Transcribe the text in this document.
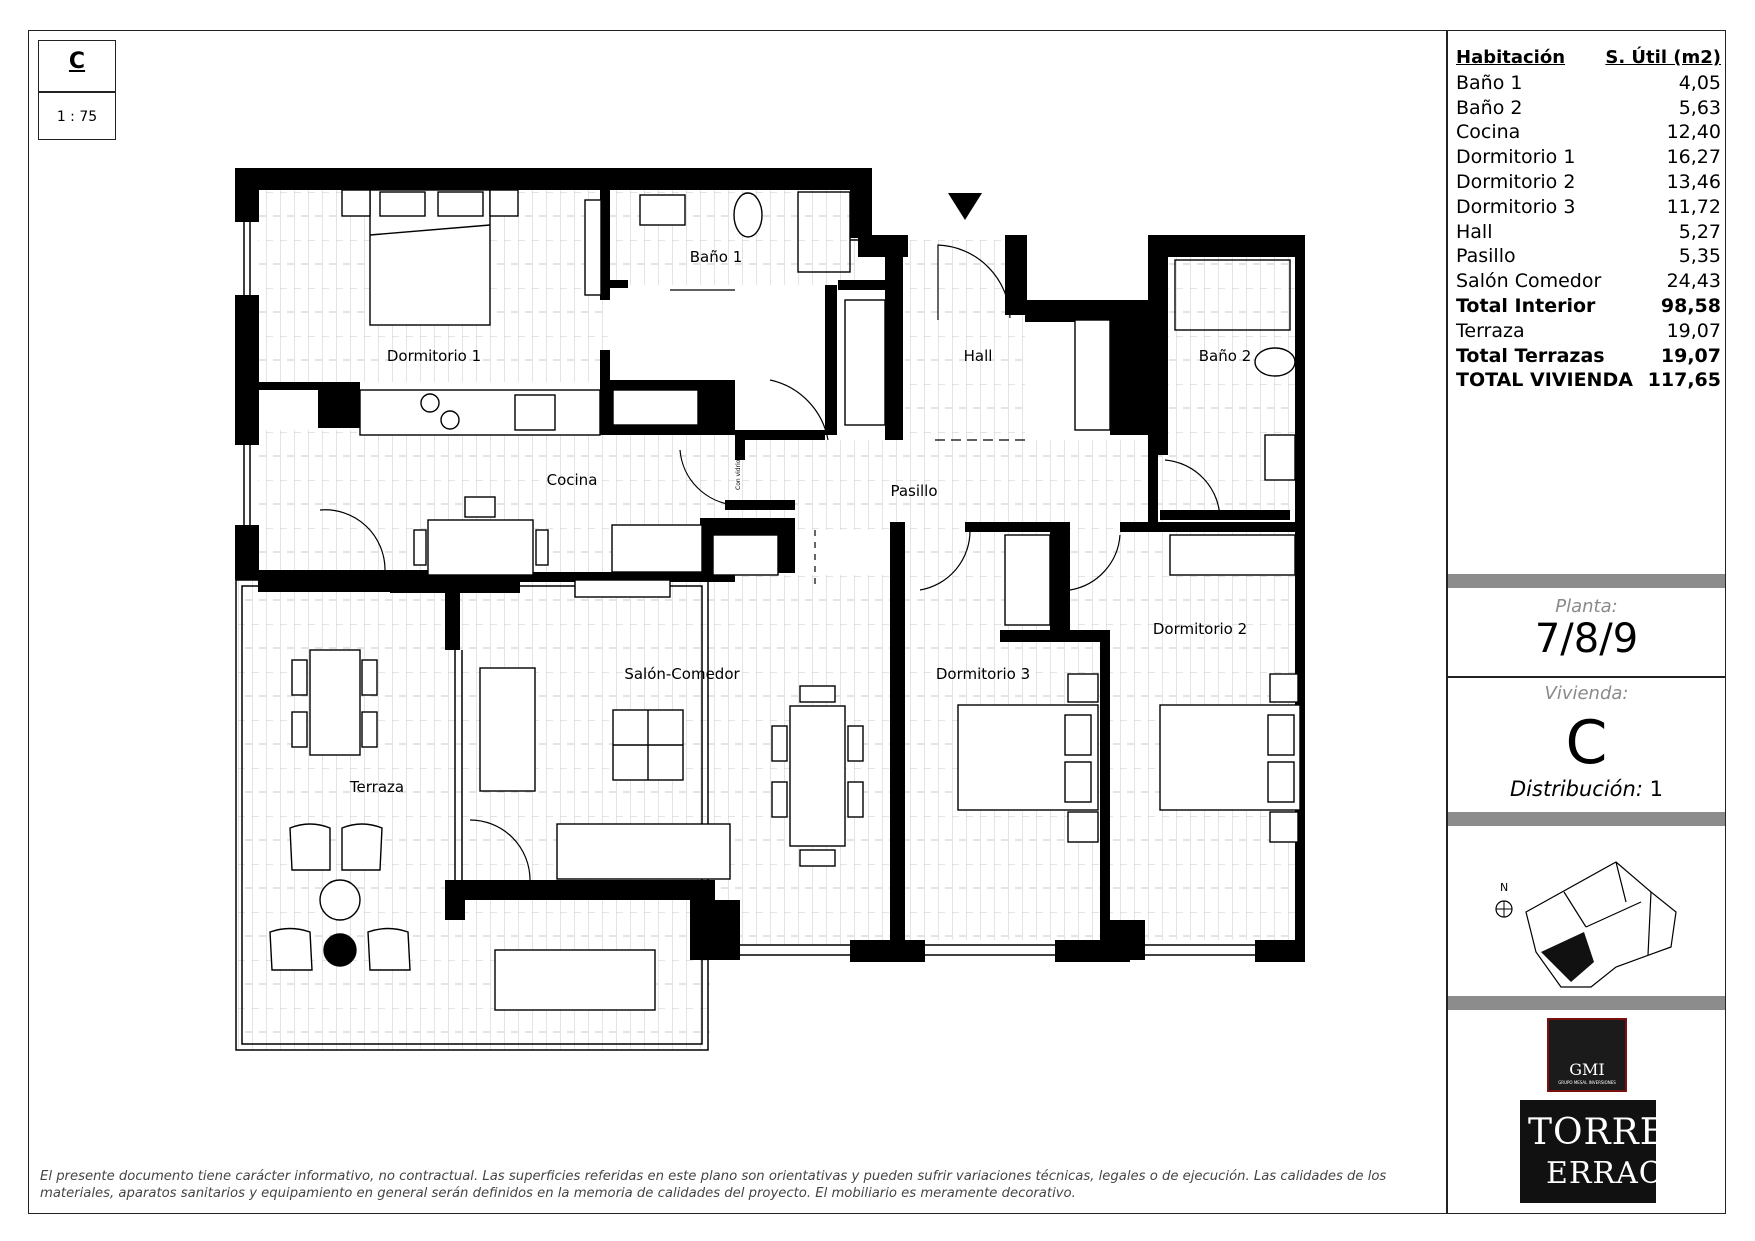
C
1 : 75
Con vidrio
Dormitorio 1
Baño 1
Hall	Baño 2
Cocina
Pasillo
Salón-Comedor	Dormitorio 3
Dormitorio 2
Terraza
Habitación S. Útil (m2)
Baño 1	4,05
Baño 2	5,63
Cocina	12,40
Dormitorio 1	16,27
Dormitorio 2	13,46
Dormitorio 3	11,72
Hall	5,27
Pasillo	5,35
Salón Comedor	24,43
Total Interior	98,58
Terraza	19,07
Total Terrazas	19,07
TOTAL VIVIENDA 117,65
Planta:
7/8/9
Vivienda:
C
Distribución: 1
N
GMI
GRUPO MESAL INVERSIONES
TORRE
ERRACE
El presente documento tiene carácter informativo, no contractual. Las superficies referidas en este plano son orientativas y pueden sufrir variaciones técnicas, legales o de ejecución. Las calidades de los materiales, aparatos sanitarios y equipamiento en general serán definidos en la memoria de calidades del proyecto. El mobiliario es meramente decorativo.
